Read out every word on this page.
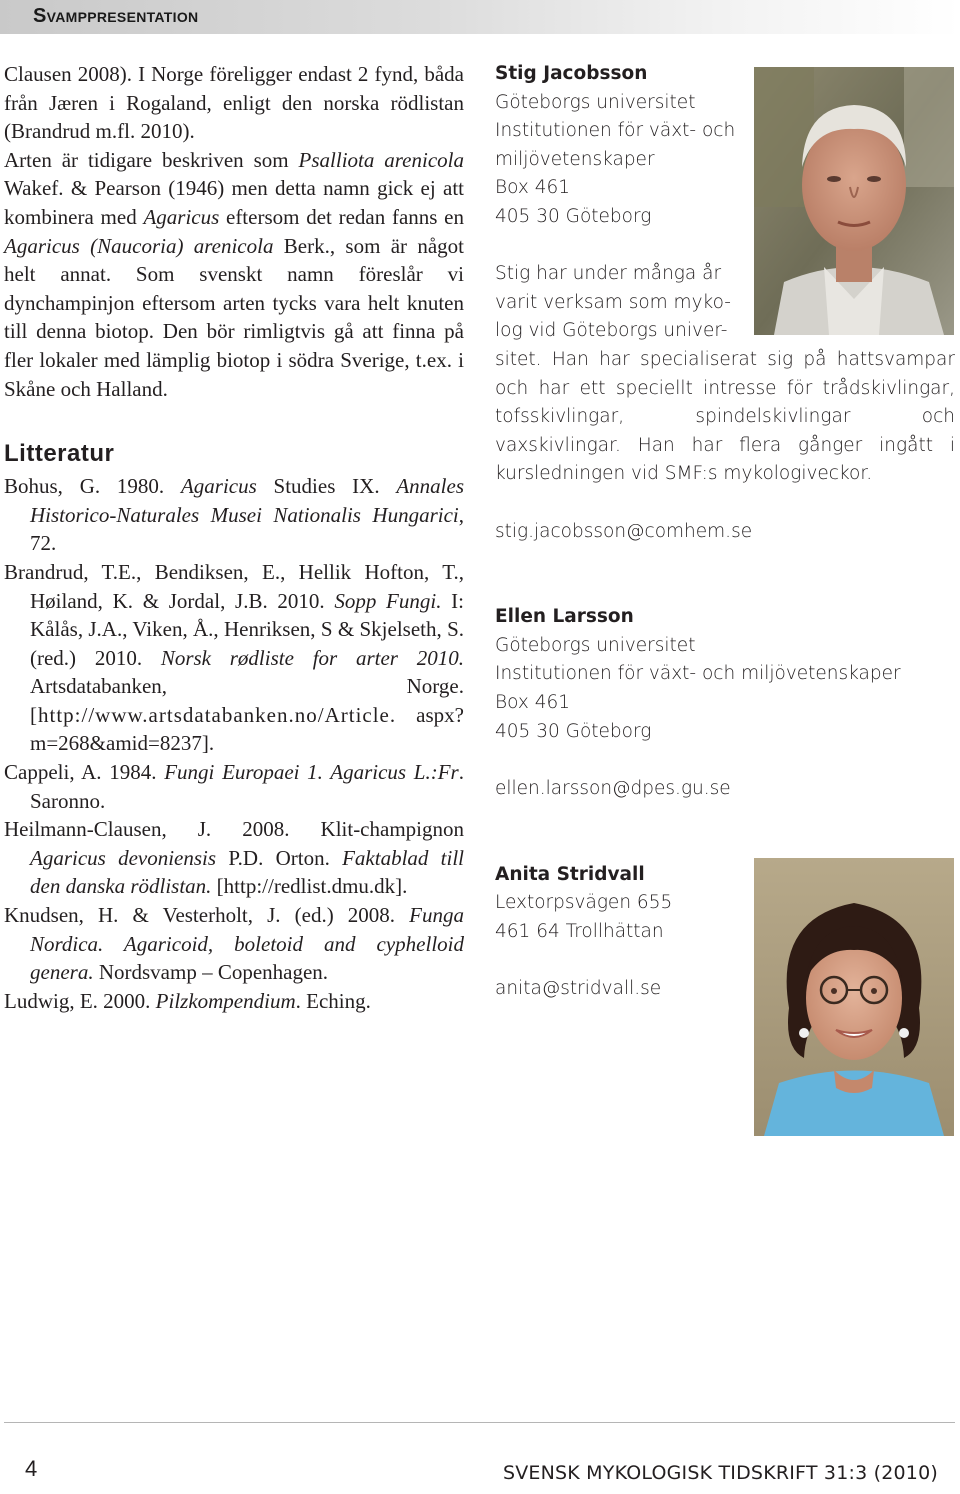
Svamppresentation

Clausen 2008). I Norge föreligger endast 2 fynd, båda från Jæren i Rogaland, enligt den norska rödlistan (Brandrud m.fl. 2010).
Arten är tidigare beskriven som Psalliota arenicola Wakef. & Pearson (1946) men detta namn gick ej att kombinera med Agaricus eftersom det redan fanns en Agaricus (Naucoria) arenicola Berk., som är något helt annat. Som svenskt namn föreslår vi dynchampinjon eftersom arten tycks vara helt knuten till denna biotop. Den bör rimligtvis gå att finna på fler lokaler med lämplig biotop i södra Sverige, t.ex. i Skåne och Halland.

Litteratur

Bohus, G. 1980. Agaricus Studies IX. Annales Historico-Naturales Musei Nationalis Hungarici, 72.

Brandrud, T.E., Bendiksen, E., Hellik Hofton, T., Høiland, K. & Jordal, J.B. 2010. Sopp Fungi. I: Kålås, J.A., Viken, Å., Henriksen, S & Skjelseth, S. (red.) 2010. Norsk rødliste for arter 2010. Artsdatabanken, Norge. [http://www.artsdatabanken.no/Article. aspx?m=268&amid=8237].

Cappeli, A. 1984. Fungi Europaei 1. Agaricus L.:Fr. Saronno.

Heilmann-Clausen, J. 2008. Klit-champignon Agaricus devoniensis P.D. Orton. Faktablad till den danska rödlistan. [http://redlist.dmu.dk].

Knudsen, H. & Vesterholt, J. (ed.) 2008. Funga Nordica. Agaricoid, boletoid and cyphelloid genera. Nordsvamp – Copenhagen.

Ludwig, E. 2000. Pilzkompendium. Eching.

Stig Jacobsson
Göteborgs universitet
Institutionen för växt- och
miljövetenskaper
Box 461
405 30 Göteborg
Stig har under många år
varit verksam som myko-
log vid Göteborgs univer-
sitet. Han har specialiserat sig på hattsvampar och har ett speciellt intresse för trådskivlingar, tofsskivlingar, spindelskivlingar och vaxskivlingar. Han har flera gånger ingått i kursledningen vid SMF:s mykologiveckor.
stig.jacobsson@comhem.se
Ellen Larsson
Göteborgs universitet
Institutionen för växt- och miljövetenskaper
Box 461
405 30 Göteborg
ellen.larsson@dpes.gu.se
Anita Stridvall
Lextorpsvägen 655
461 64 Trollhättan
anita@stridvall.se
4	SVENSK MYKOLOGISK TIDSKRIFT 31:3 (2010)
